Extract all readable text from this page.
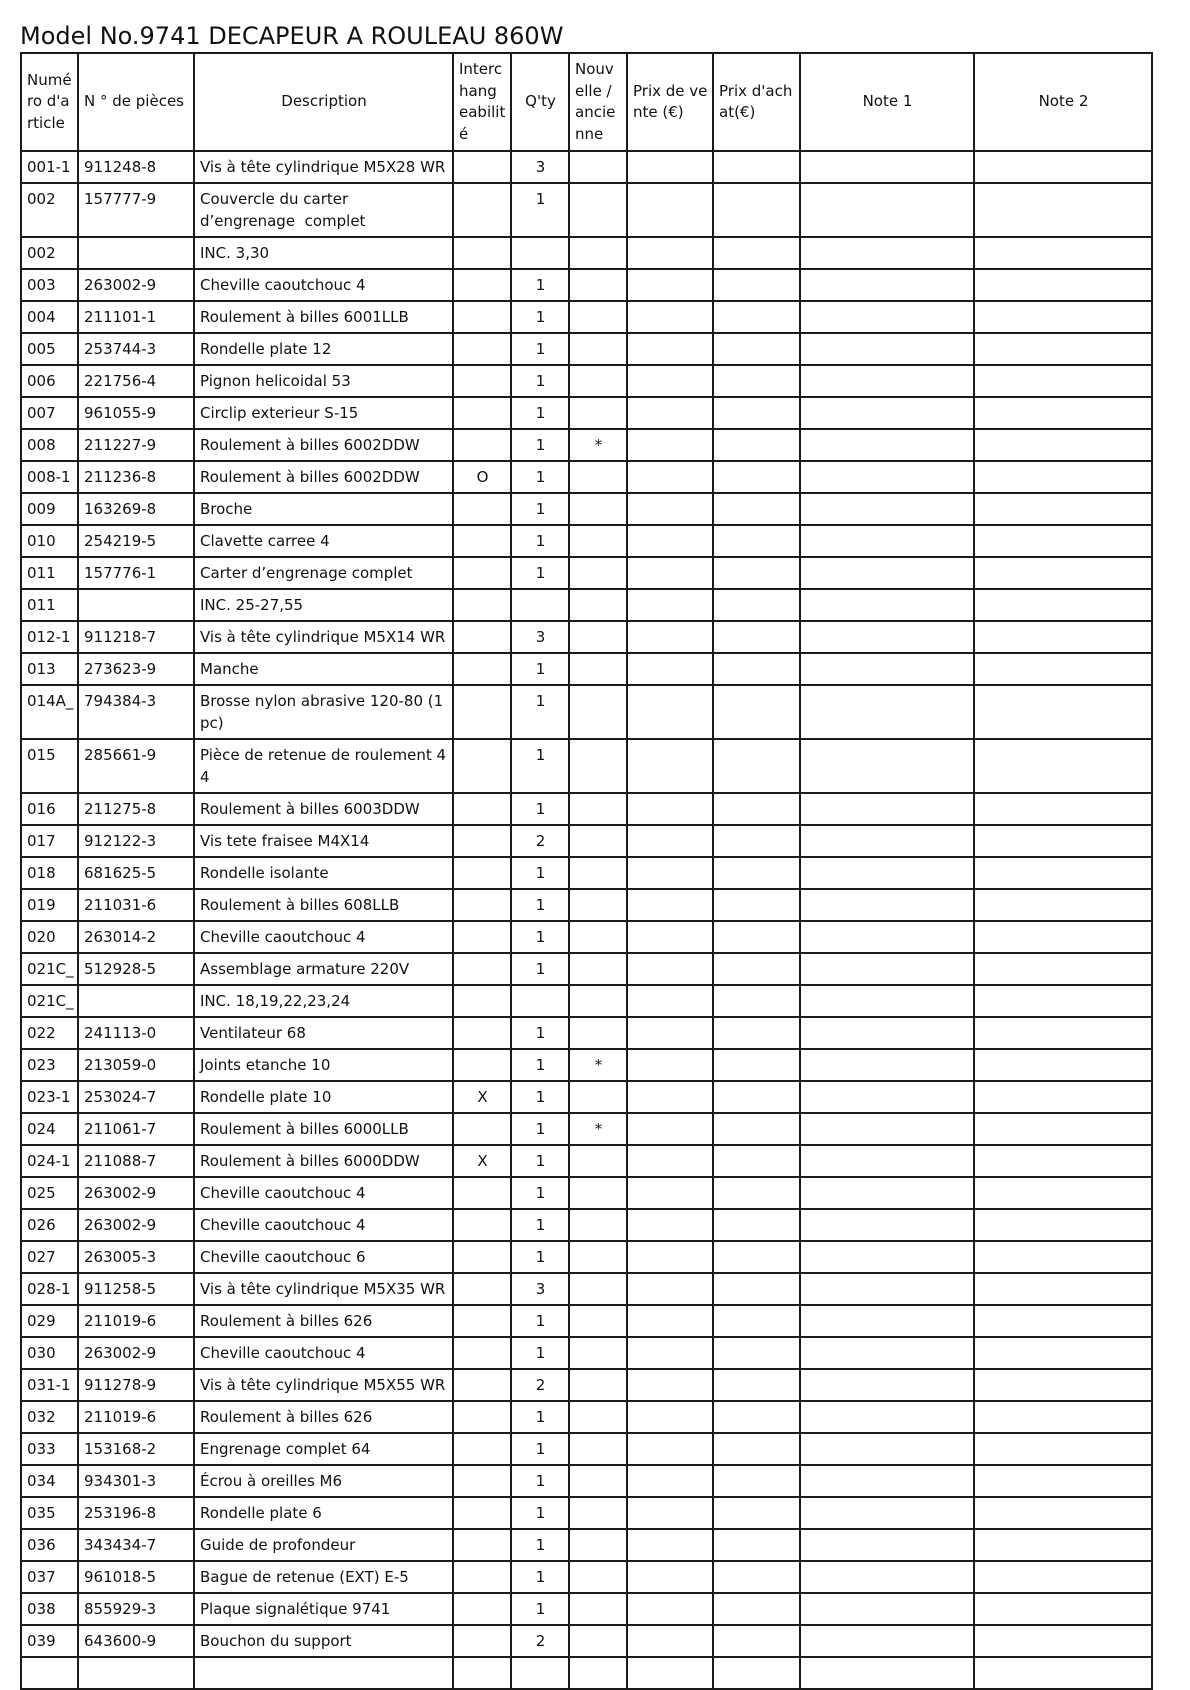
Model No.9741 DECAPEUR A ROULEAU 860W
Numé ro d'a rticle	N ° de pièces	Description	Interc hang eabilit é	Q'ty	Nouv elle / ancie nne	Prix de ve nte (€)	Prix d'ach at(€)	Note 1	Note 2
001-1	911248-8	Vis à tête cylindrique M5X28 WR		3					
002	157777-9	Couvercle du carter d’engrenage  complet		1					
002		INC. 3,30							
003	263002-9	Cheville caoutchouc 4		1					
004	211101-1	Roulement à billes 6001LLB		1					
005	253744-3	Rondelle plate 12		1					
006	221756-4	Pignon helicoidal 53		1					
007	961055-9	Circlip exterieur S-15		1					
008	211227-9	Roulement à billes 6002DDW		1	*				
008-1	211236-8	Roulement à billes 6002DDW	O	1					
009	163269-8	Broche		1					
010	254219-5	Clavette carree 4		1					
011	157776-1	Carter d’engrenage complet		1					
011		INC. 25-27,55							
012-1	911218-7	Vis à tête cylindrique M5X14 WR		3					
013	273623-9	Manche		1					
014A_	794384-3	Brosse nylon abrasive 120-80 (1 pc)		1					
015	285661-9	Pièce de retenue de roulement 4 4		1					
016	211275-8	Roulement à billes 6003DDW		1					
017	912122-3	Vis tete fraisee M4X14		2					
018	681625-5	Rondelle isolante		1					
019	211031-6	Roulement à billes 608LLB		1					
020	263014-2	Cheville caoutchouc 4		1					
021C_	512928-5	Assemblage armature 220V		1					
021C_		INC. 18,19,22,23,24							
022	241113-0	Ventilateur 68		1					
023	213059-0	Joints etanche 10		1	*				
023-1	253024-7	Rondelle plate 10	X	1					
024	211061-7	Roulement à billes 6000LLB		1	*				
024-1	211088-7	Roulement à billes 6000DDW	X	1					
025	263002-9	Cheville caoutchouc 4		1					
026	263002-9	Cheville caoutchouc 4		1					
027	263005-3	Cheville caoutchouc 6		1					
028-1	911258-5	Vis à tête cylindrique M5X35 WR		3					
029	211019-6	Roulement à billes 626		1					
030	263002-9	Cheville caoutchouc 4		1					
031-1	911278-9	Vis à tête cylindrique M5X55 WR		2					
032	211019-6	Roulement à billes 626		1					
033	153168-2	Engrenage complet 64		1					
034	934301-3	Écrou à oreilles M6		1					
035	253196-8	Rondelle plate 6		1					
036	343434-7	Guide de profondeur		1					
037	961018-5	Bague de retenue (EXT) E-5		1					
038	855929-3	Plaque signalétique 9741		1					
039	643600-9	Bouchon du support		2					
